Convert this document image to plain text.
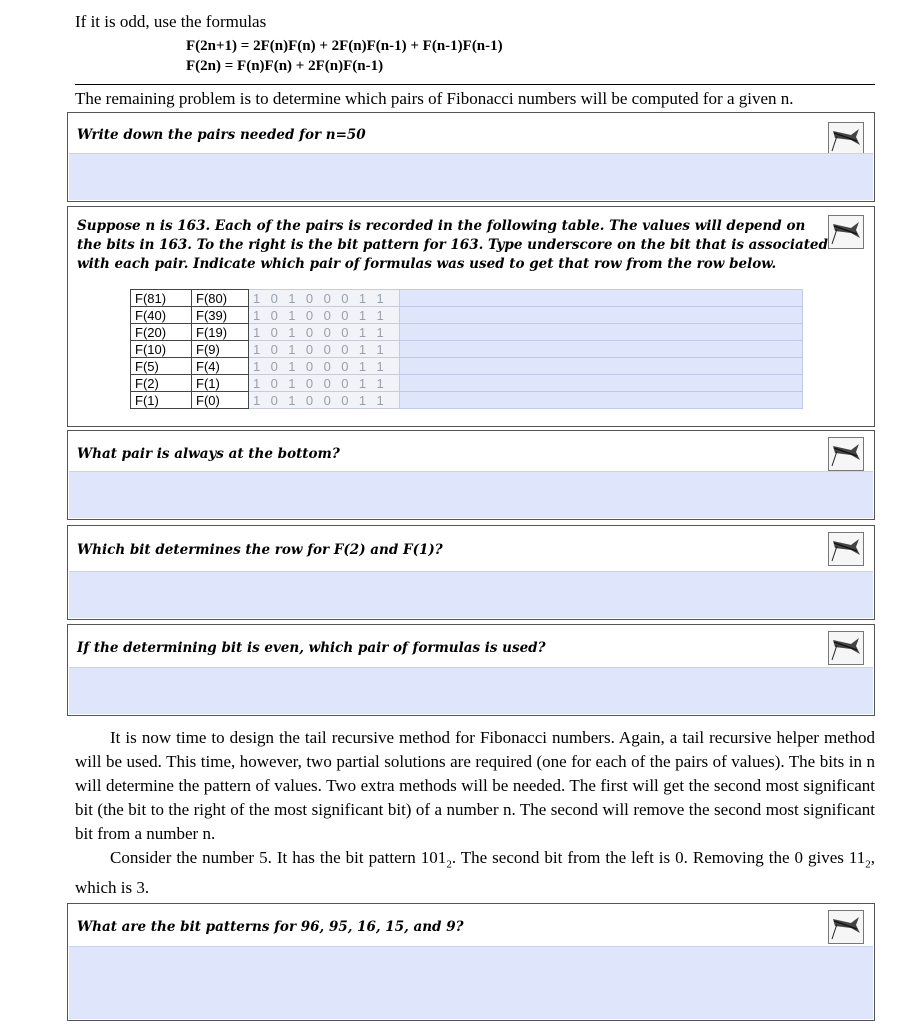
If it is odd, use the formulas
F(2n+1) = 2F(n)F(n) + 2F(n)F(n-1) + F(n-1)F(n-1)
F(2n) = F(n)F(n) + 2F(n)F(n-1)
The remaining problem is to determine which pairs of Fibonacci numbers will be computed for a given n.
Write down the pairs needed for n=50
Suppose n is 163. Each of the pairs is recorded in the following table. The values will depend on
the bits in 163. To the right is the bit pattern for 163. Type underscore on the bit that is associated
with each pair. Indicate which pair of formulas was used to get that row from the row below.
F(81)	F(80)	1 0 1 0 0 0 1 1	
F(40)	F(39)	1 0 1 0 0 0 1 1	
F(20)	F(19)	1 0 1 0 0 0 1 1	
F(10)	F(9)	1 0 1 0 0 0 1 1	
F(5)	F(4)	1 0 1 0 0 0 1 1	
F(2)	F(1)	1 0 1 0 0 0 1 1	
F(1)	F(0)	1 0 1 0 0 0 1 1	
What pair is always at the bottom?
Which bit determines the row for F(2) and F(1)?
If the determining bit is even, which pair of formulas is used?

It is now time to design the tail recursive method for Fibonacci numbers. Again, a tail recursive helper method will be used. This time, however, two partial solutions are required (one for each of the pairs of values). The bits in n will determine the pattern of values. Two extra methods will be needed. The first will get the second most significant bit (the bit to the right of the most significant bit) of a number n. The second will remove the second most significant bit from a number n.

Consider the number 5. It has the bit pattern $101_2$. The second bit from the left is 0. Removing the 0 gives $11_2$, which is 3.

What are the bit patterns for 96, 95, 16, 15, and 9?
